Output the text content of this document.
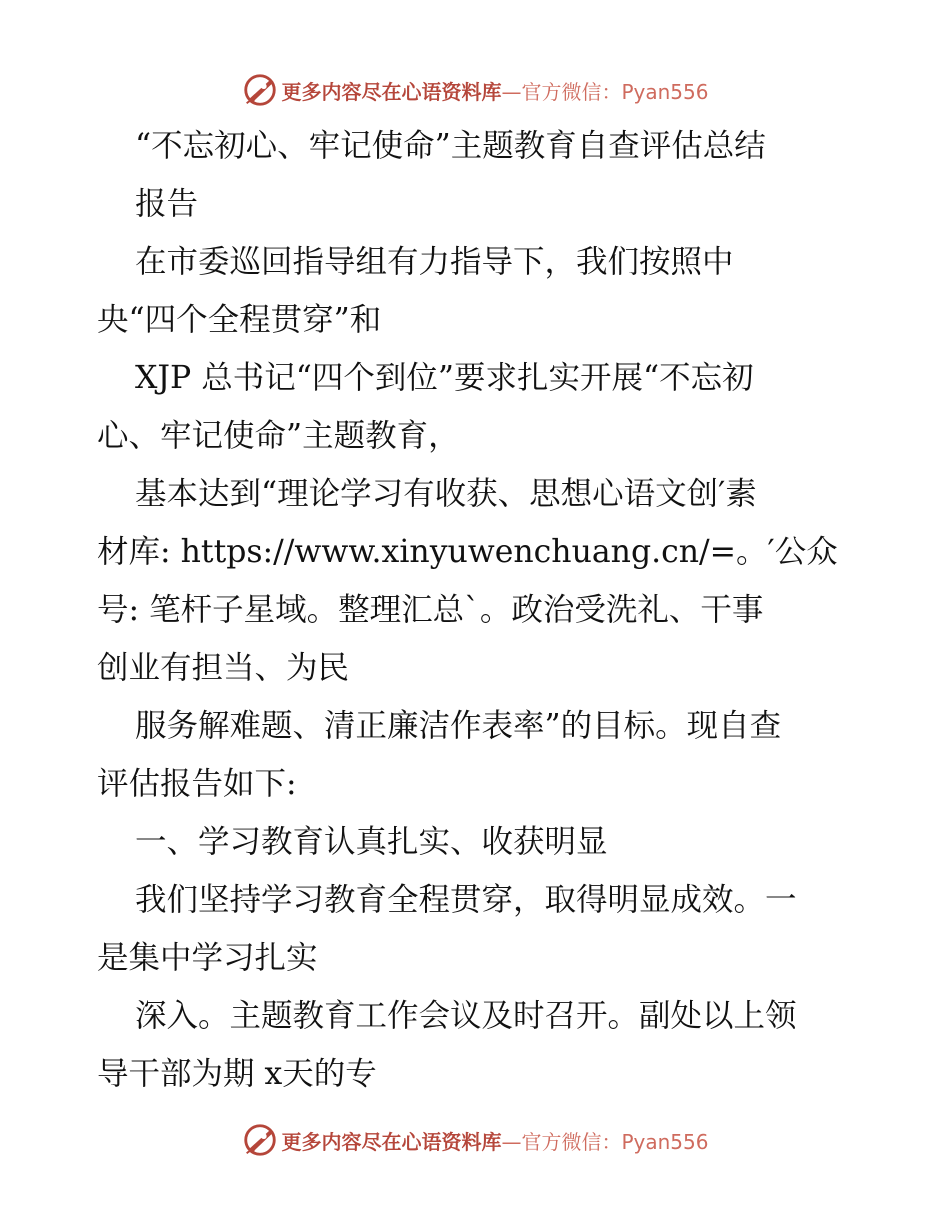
更多内容尽在心语资料库 —官方微信：Pyan556
“不忘初心、牢记使命”主题教育自查评估总结
报告
在市委巡回指导组有力指导下，我们按照中
央“四个全程贯穿”和
XJP 总书记“四个到位”要求扎实开展“不忘初
心、牢记使命”主题教育，
基本达到“理论学习有收获、思想心语文创′素
材库: https://www.xinyuwenchuang.cn/=。′公众
号: 笔杆子星域。整理汇总ˋ。政治受洗礼、干事
创业有担当、为民
服务解难题、清正廉洁作表率”的目标。现自查
评估报告如下:
一、学习教育认真扎实、收获明显
我们坚持学习教育全程贯穿，取得明显成效。一
是集中学习扎实
深入。主题教育工作会议及时召开。副处以上领
导干部为期 x天的专
更多内容尽在心语资料库 —官方微信：Pyan556
